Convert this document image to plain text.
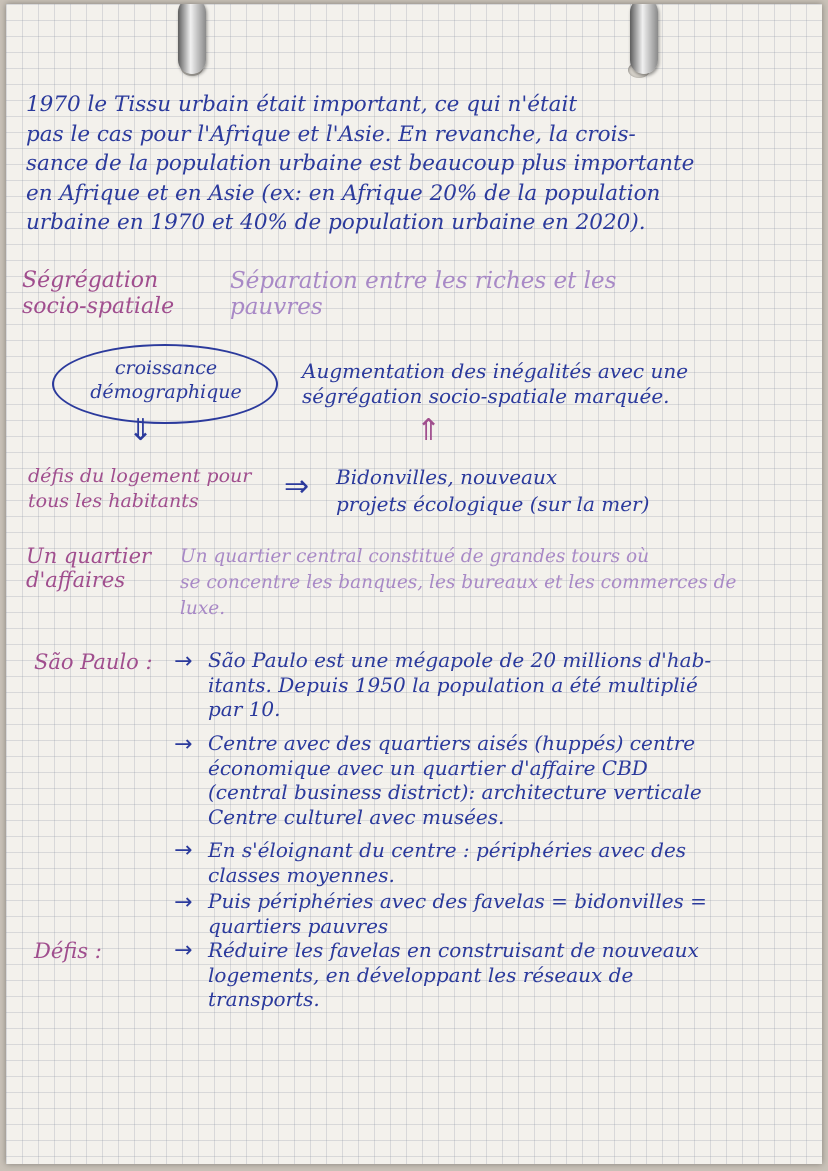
1970 le Tissu urbain était important, ce qui n'était
pas le cas pour l'Afrique et l'Asie. En revanche, la crois-
sance de la population urbaine est beaucoup plus importante
en Afrique et en Asie (ex: en Afrique 20% de la population
urbaine en 1970 et 40% de population urbaine en 2020).

Ségrégation
socio-spatiale

Séparation entre les riches et les
pauvres

croissance
démographique

⇓

Augmentation des inégalités avec une
ségrégation socio-spatiale marquée.

⇑

défis du logement pour
tous les habitants	⇒ Bidonvilles, nouveaux
projets écologique (sur la mer)

Un quartier
d'affaires

Un quartier central constitué de grandes tours où
se concentre les banques, les bureaux et les commerces de
luxe.

São Paulo : → São Paulo est une mégapole de 20 millions d'hab-
itants. Depuis 1950 la population a été multiplié
par 10.

→ Centre avec des quartiers aisés (huppés) centre
économique avec un quartier d'affaire CBD
(central business district): architecture verticale
Centre culturel avec musées.

→ En s'éloignant du centre : périphéries avec des
classes moyennes.

→ Puis périphéries avec des favelas = bidonvilles =
quartiers pauvres

Défis :	→ Réduire les favelas en construisant de nouveaux
logements, en développant les réseaux de
transports.
